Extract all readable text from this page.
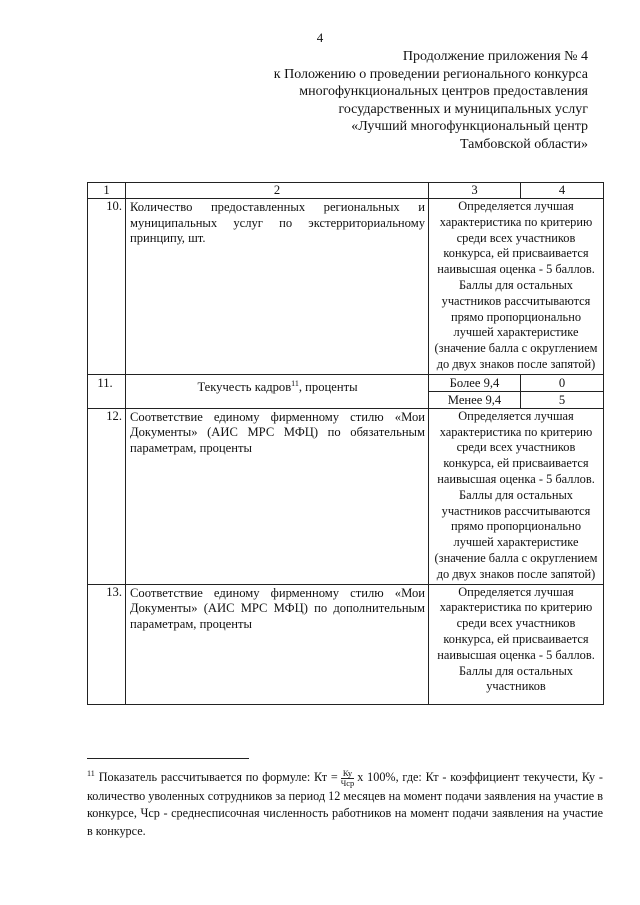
4
Продолжение приложения № 4
к Положению о проведении регионального конкурса
многофункциональных центров предоставления
государственных и муниципальных услуг
«Лучший многофункциональный центр
Тамбовской области»
1	2	3	4
10.	Количество предоставленных региональных и муниципальных услуг по экстерриториальному принципу, шт.	Определяется лучшая характеристика по критерию среди всех участников конкурса, ей присваивается наивысшая оценка - 5 баллов. Баллы для остальных участников рассчитываются прямо пропорционально лучшей характеристике (значение балла с округлением до двух знаков после запятой)	
11.	Текучесть кадров$^{11}$, проценты	Более 9,4	0
		Менее 9,4	5
12.	Соответствие единому фирменному стилю «Мои Документы» (АИС МРС МФЦ) по обязательным параметрам, проценты	Определяется лучшая характеристика по критерию среди всех участников конкурса, ей присваивается наивысшая оценка - 5 баллов. Баллы для остальных участников рассчитываются прямо пропорционально лучшей характеристике (значение балла с округлением до двух знаков после запятой)	
13.	Соответствие единому фирменному стилю «Мои Документы» (АИС МРС МФЦ) по дополнительным параметрам, проценты	Определяется лучшая характеристика по критерию среди всех участников конкурса, ей присваивается наивысшая оценка - 5 баллов. Баллы для остальных участников	
$^{11}$ Показатель рассчитывается по формуле: Кт = $\frac{Ку}{\text{Чср}}$ x 100%, где: Кт - коэффициент текучести, Ку - количество уволенных сотрудников за период 12 месяцев на момент подачи заявления на участие в конкурсе, Чср - среднесписочная численность работников на момент подачи заявления на участие в конкурсе.
